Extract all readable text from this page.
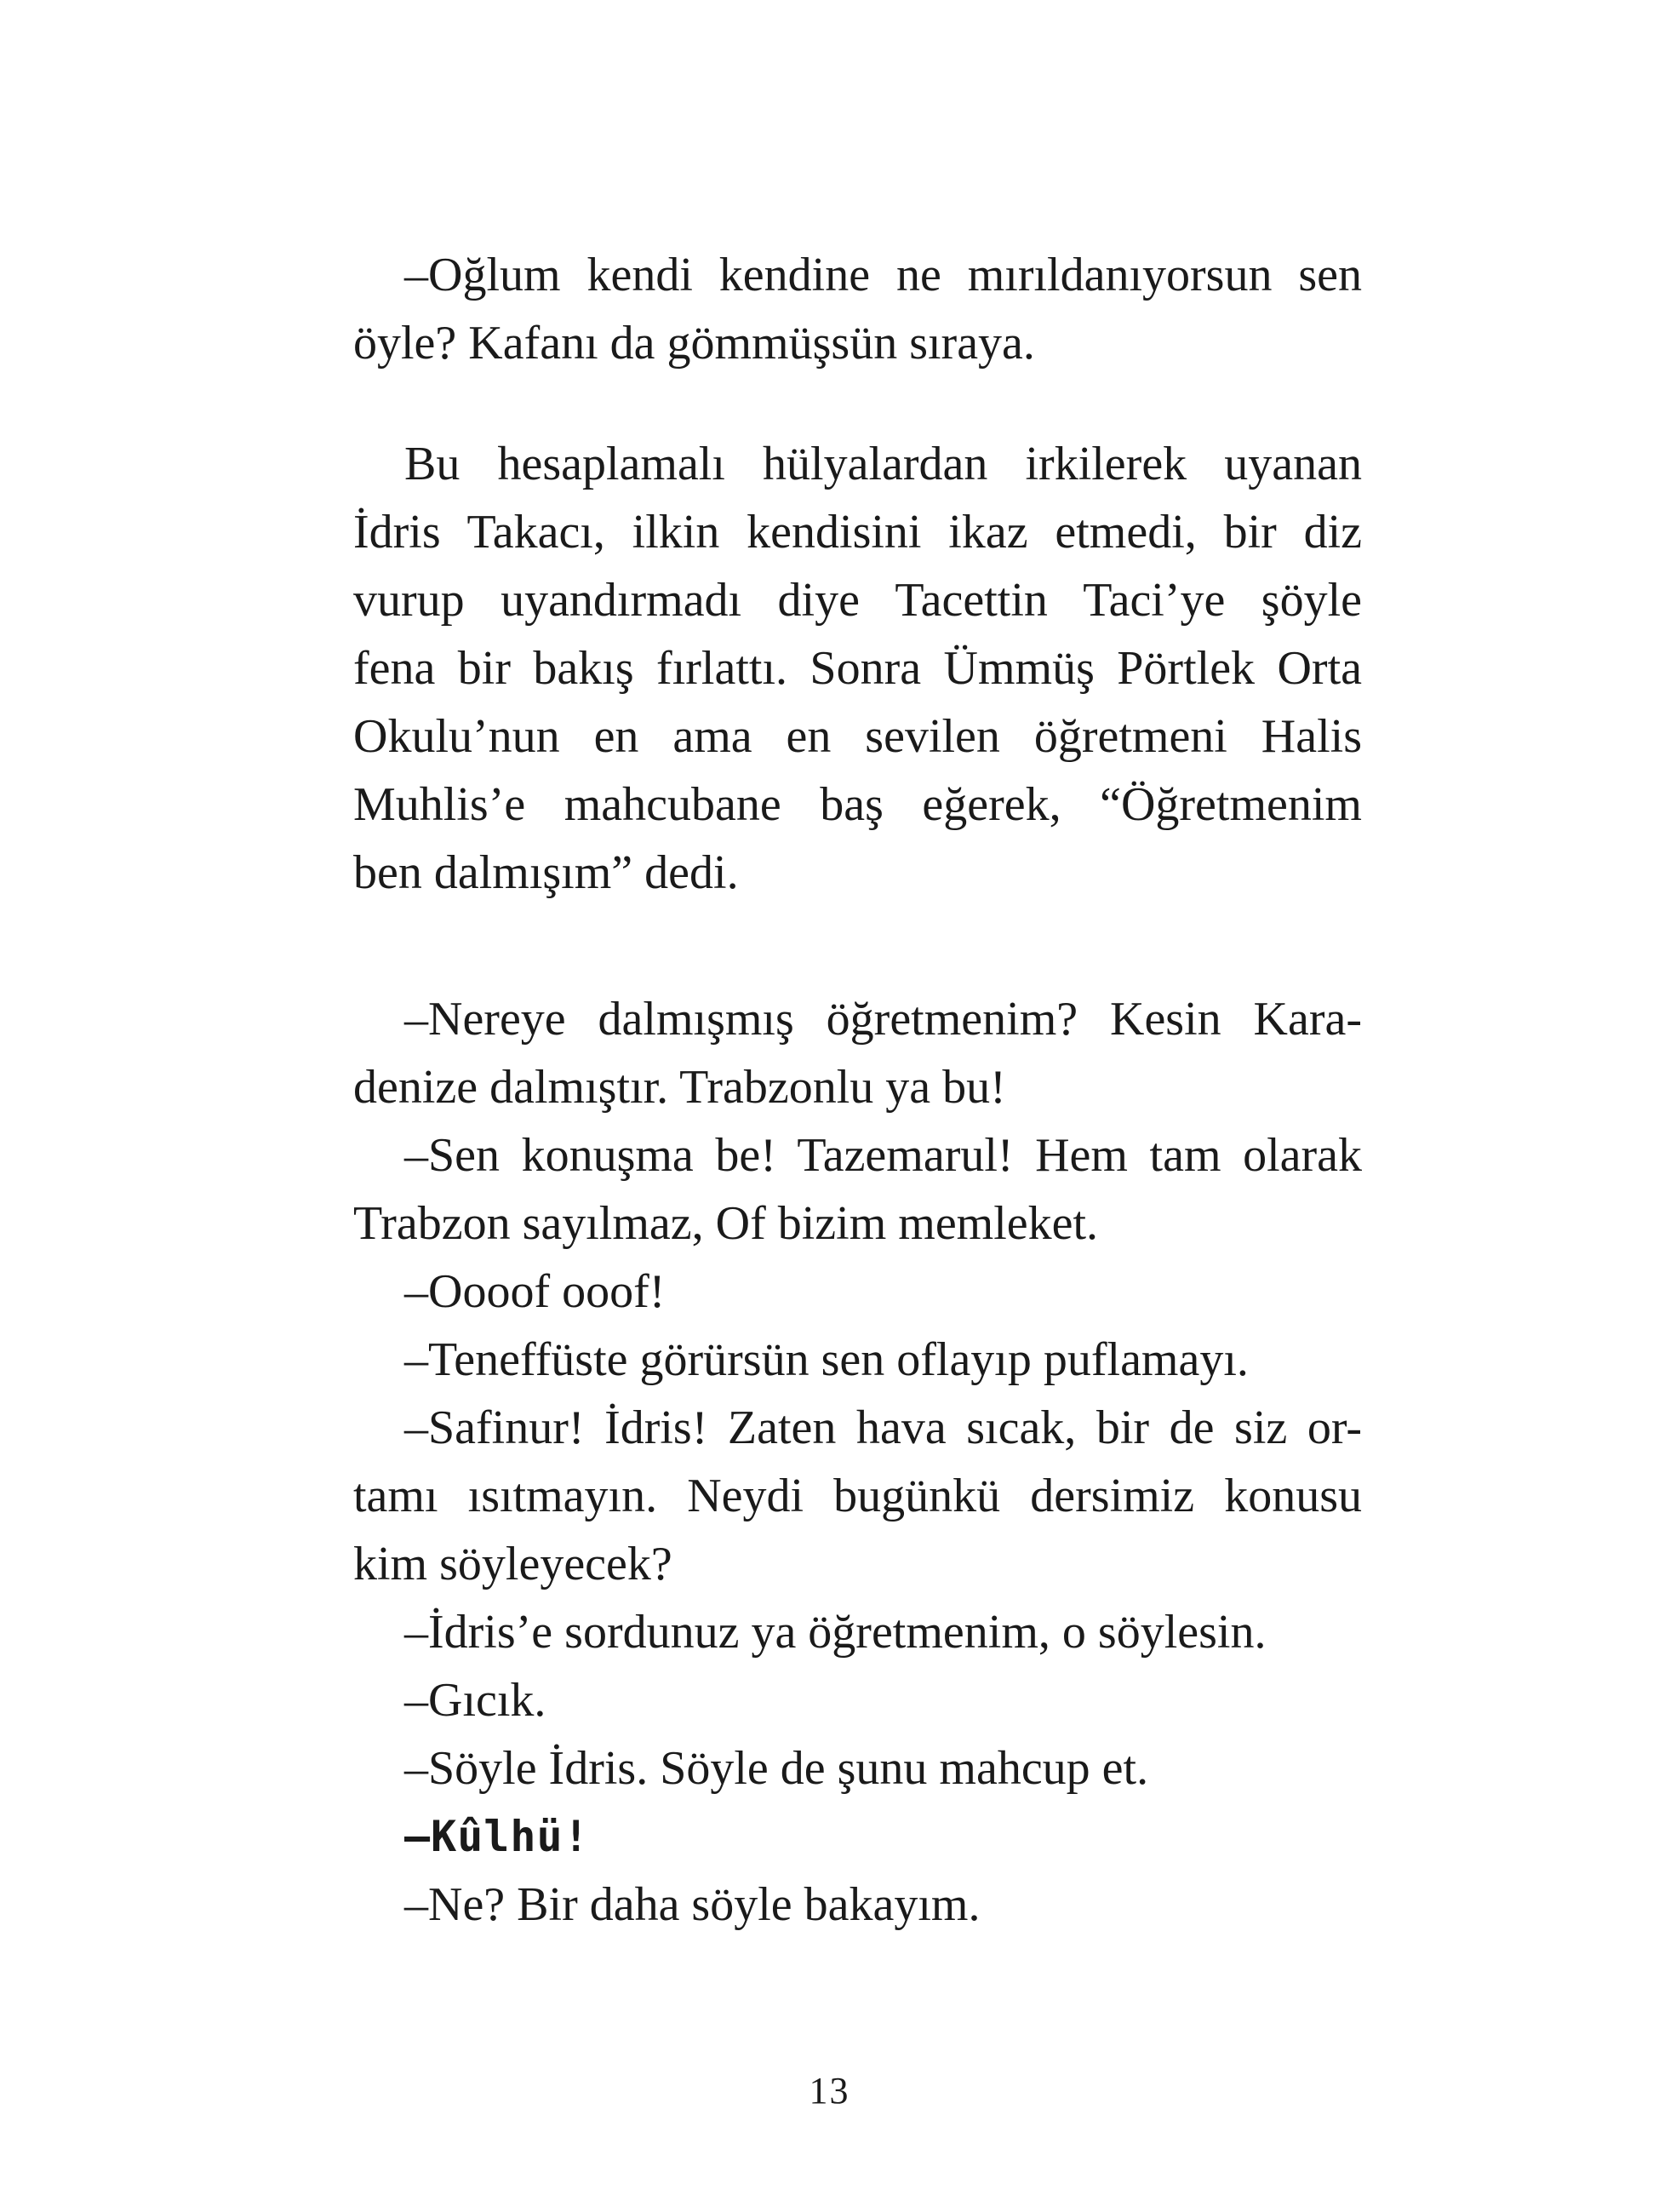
–Oğlum kendi kendine ne mırıldanıyorsun sen
öyle? Kafanı da gömmüşsün sıraya.
Bu hesaplamalı hülyalardan irkilerek uyanan
İdris Takacı, ilkin kendisini ikaz etmedi, bir diz
vurup uyandırmadı diye Tacettin Taci’ye şöyle
fena bir bakış fırlattı. Sonra Ümmüş Pörtlek Orta
Okulu’nun en ama en sevilen öğretmeni Halis
Muhlis’e mahcubane baş eğerek, “Öğretmenim
ben dalmışım” dedi.
–Nereye dalmışmış öğretmenim? Kesin Kara-
denize dalmıştır. Trabzonlu ya bu!
–Sen konuşma be! Tazemarul! Hem tam olarak
Trabzon sayılmaz, Of bizim memleket.
–Oooof ooof!
–Teneffüste görürsün sen oflayıp puflamayı.
–Safinur! İdris! Zaten hava sıcak, bir de siz or-
tamı ısıtmayın. Neydi bugünkü dersimiz konusu
kim söyleyecek?
–İdris’e sordunuz ya öğretmenim, o söylesin.
–Gıcık.
–Söyle İdris. Söyle de şunu mahcup et.
–Kûlhü!
–Ne? Bir daha söyle bakayım.
13
